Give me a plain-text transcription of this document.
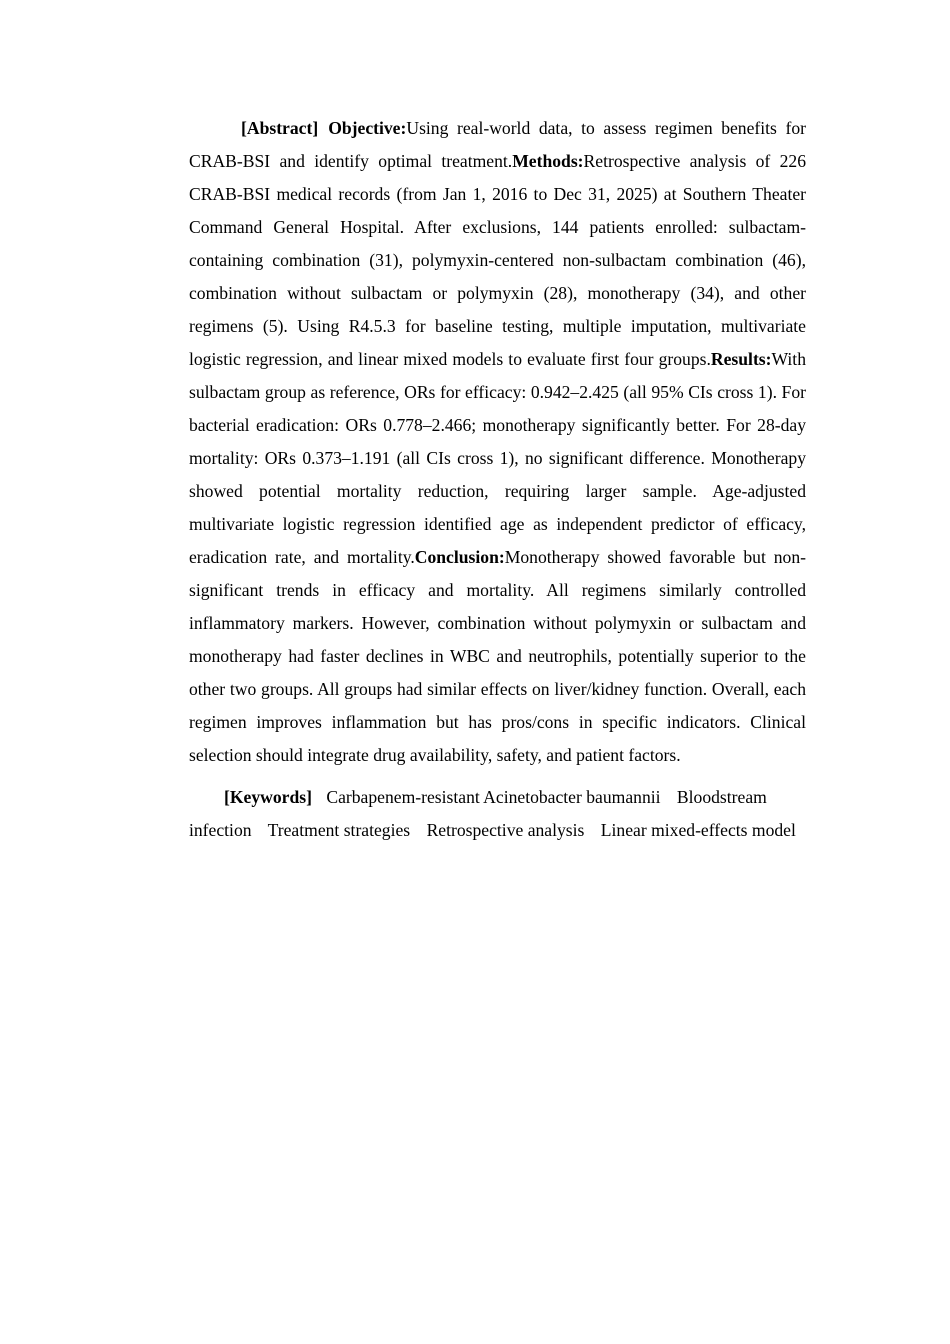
[Abstract] Objective:Using real-world data, to assess regimen benefits for CRAB-BSI and identify optimal treatment.Methods:Retrospective analysis of 226 CRAB-BSI medical records (from Jan 1, 2016 to Dec 31, 2025) at Southern Theater Command General Hospital. After exclusions, 144 patients enrolled: sulbactam-containing combination (31), polymyxin-centered non-sulbactam combination (46), combination without sulbactam or polymyxin (28), monotherapy (34), and other regimens (5). Using R4.5.3 for baseline testing, multiple imputation, multivariate logistic regression, and linear mixed models to evaluate first four groups.Results:With sulbactam group as reference, ORs for efficacy: 0.942–2.425 (all 95% CIs cross 1). For bacterial eradication: ORs 0.778–2.466; monotherapy significantly better. For 28-day mortality: ORs 0.373–1.191 (all CIs cross 1), no significant difference. Monotherapy showed potential mortality reduction, requiring larger sample. Age-adjusted multivariate logistic regression identified age as independent predictor of efficacy, eradication rate, and mortality.Conclusion:Monotherapy showed favorable but non-significant trends in efficacy and mortality. All regimens similarly controlled inflammatory markers. However, combination without polymyxin or sulbactam and monotherapy had faster declines in WBC and neutrophils, potentially superior to the other two groups. All groups had similar effects on liver/kidney function. Overall, each regimen improves inflammation but has pros/cons in specific indicators. Clinical selection should integrate drug availability, safety, and patient factors.

[Keywords] Carbapenem-resistant Acinetobacter baumannii Bloodstream infection Treatment strategies Retrospective analysis Linear mixed-effects model
